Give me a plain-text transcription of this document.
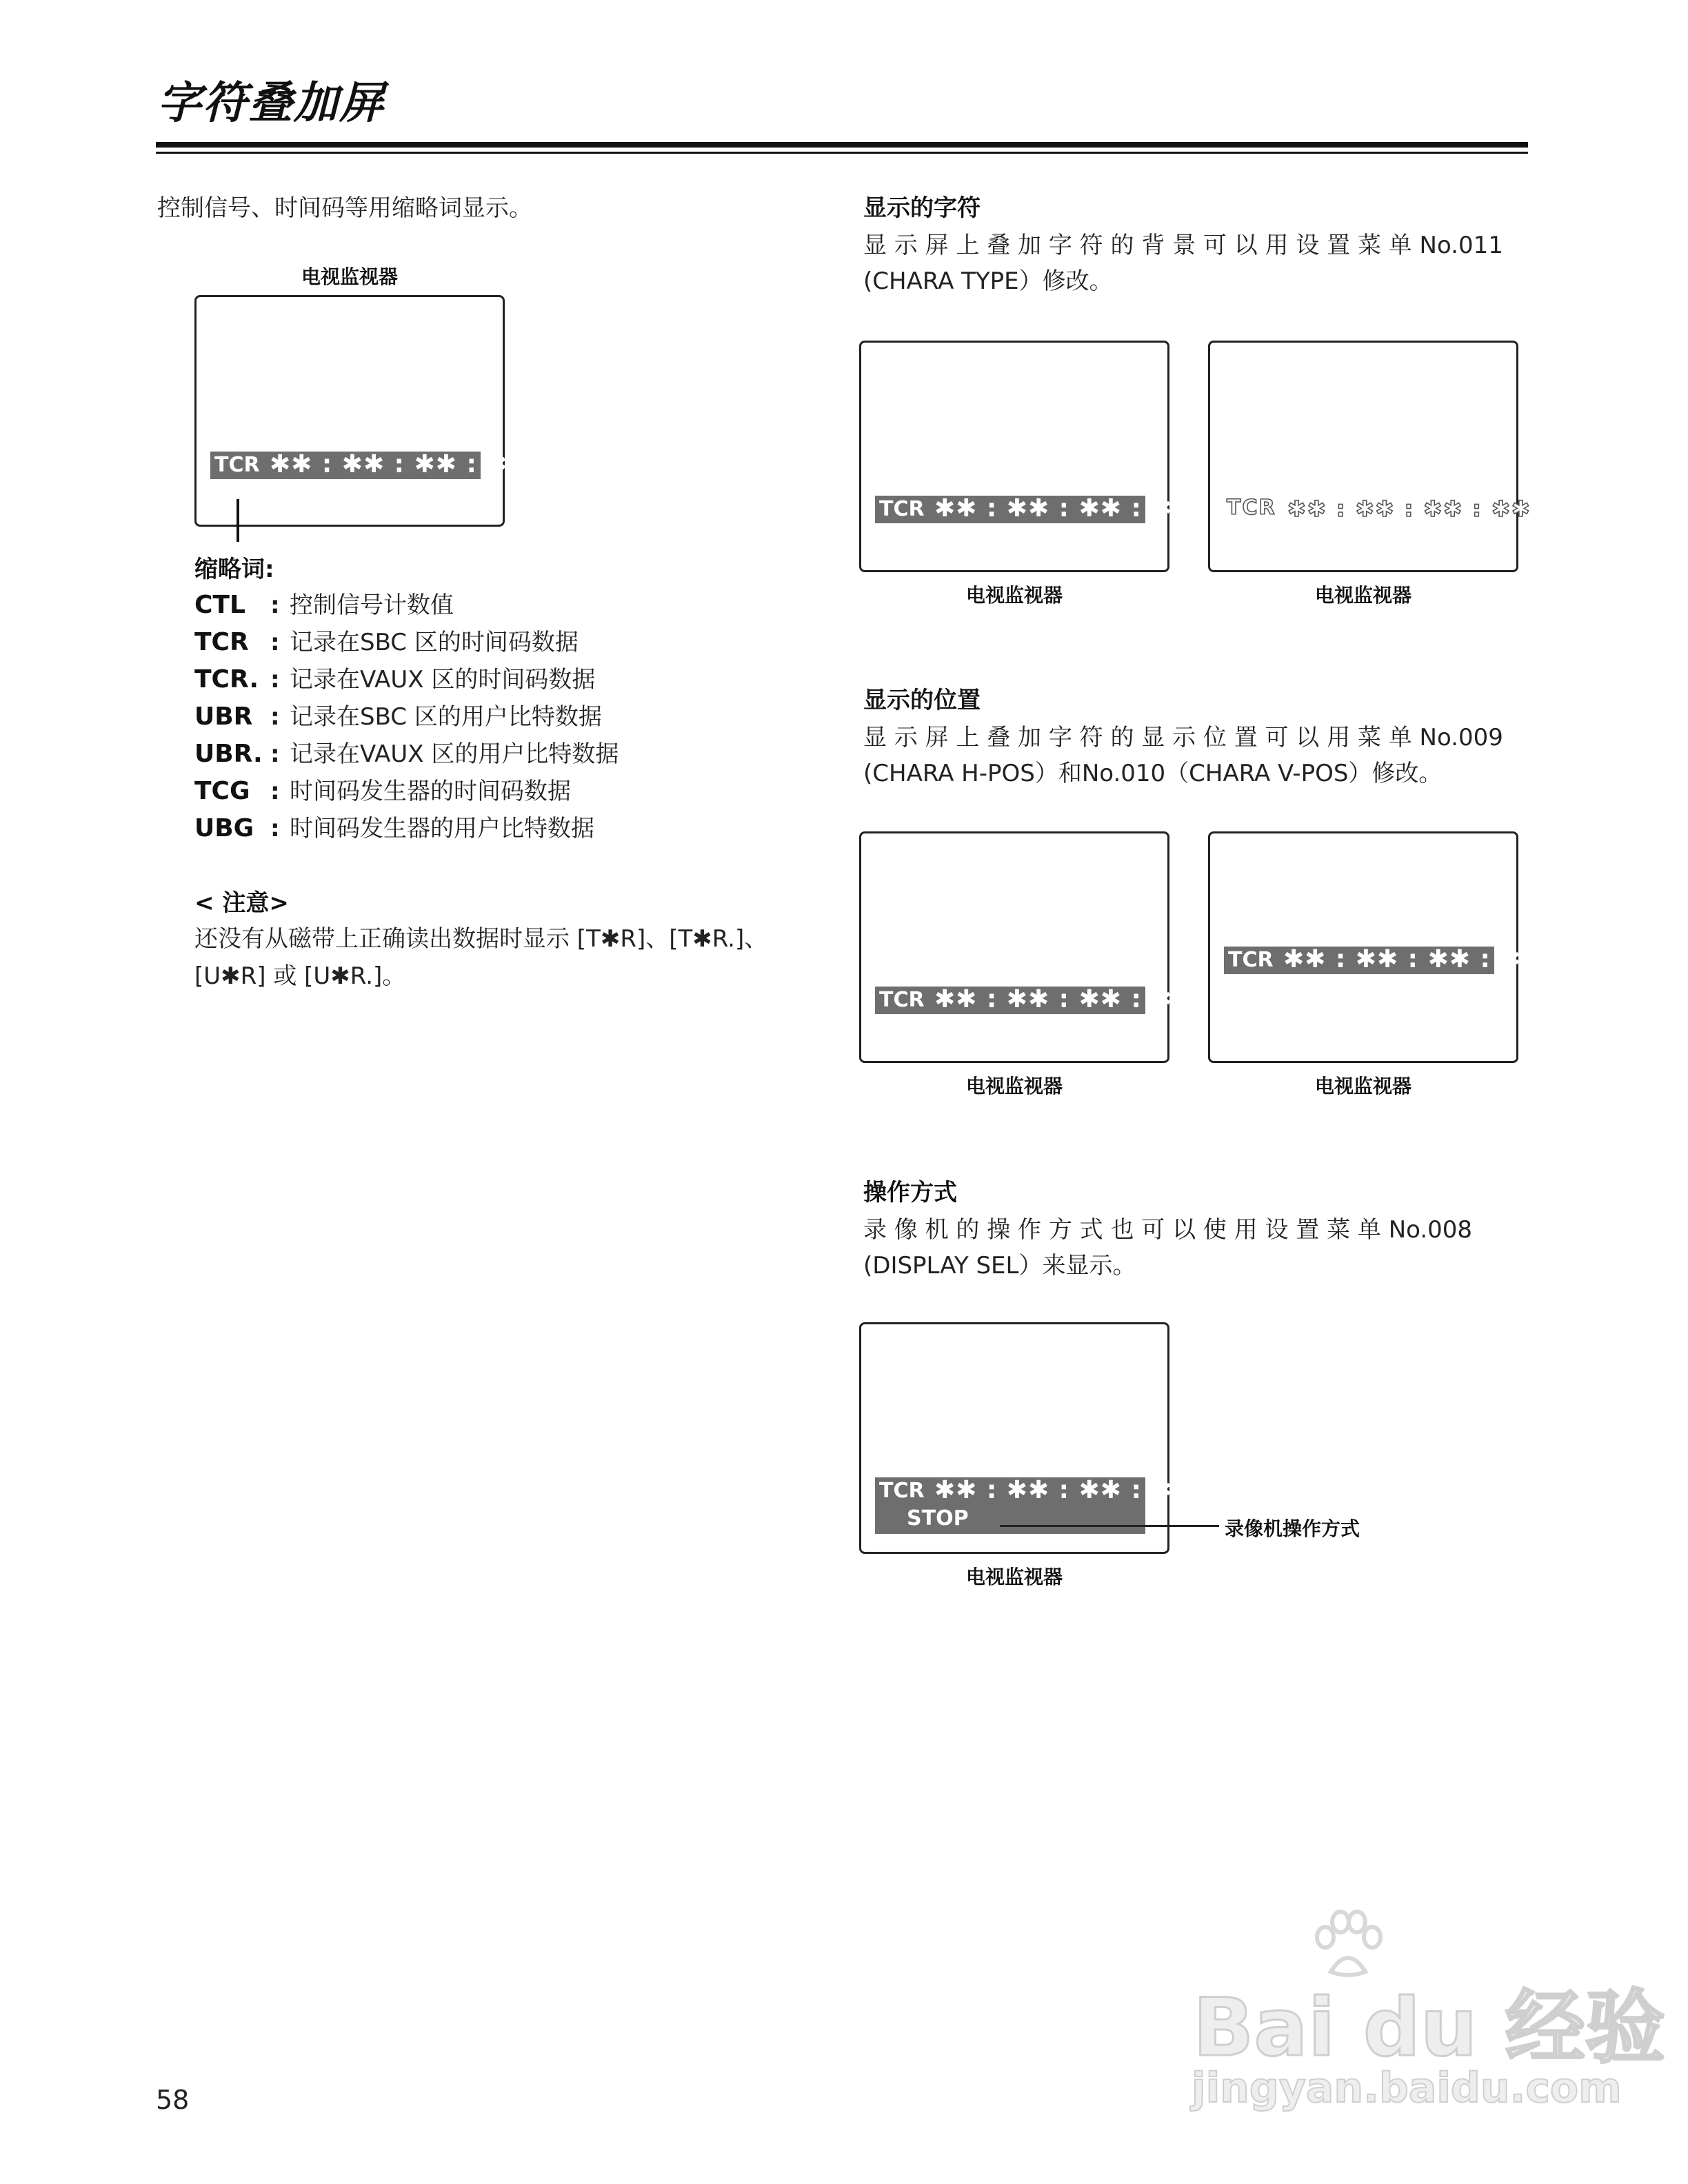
字符叠加屏
控制信号、时间码等用缩略词显示。
电视监视器
TCR ✱✱ : ✱✱ : ✱✱ : ✱✱
缩略词:
CTL : 控制信号计数值
TCR : 记录在SBC 区的时间码数据
TCR. : 记录在VAUX 区的时间码数据
UBR : 记录在SBC 区的用户比特数据
UBR. : 记录在VAUX 区的用户比特数据
TCG : 时间码发生器的时间码数据
UBG : 时间码发生器的用户比特数据
< 注意>
还没有从磁带上正确读出数据时显示 [T✱R]、[T✱R.]、
[U✱R] 或 [U✱R.]。
显示的字符
显 示 屏 上 叠 加 字 符 的 背 景 可 以 用 设 置 菜 单 No.011
(CHARA TYPE）修改。
TCR ✱✱ : ✱✱ : ✱✱ : ✱✱
电视监视器
TCR ✱✱ : ✱✱ : ✱✱ : ✱✱
电视监视器
显示的位置
显 示 屏 上 叠 加 字 符 的 显 示 位 置 可 以 用 菜 单 No.009
(CHARA H-POS）和No.010（CHARA V-POS）修改。
TCR ✱✱ : ✱✱ : ✱✱ : ✱✱
电视监视器
TCR ✱✱ : ✱✱ : ✱✱ : ✱✱
电视监视器
操作方式
录 像 机 的 操 作 方 式 也 可 以 使 用 设 置 菜 单 No.008
(DISPLAY SEL）来显示。
TCR ✱✱ : ✱✱ : ✱✱ : ✱✱
STOP
电视监视器
录像机操作方式
Bai du 经验
jingyan.baidu.com
58
